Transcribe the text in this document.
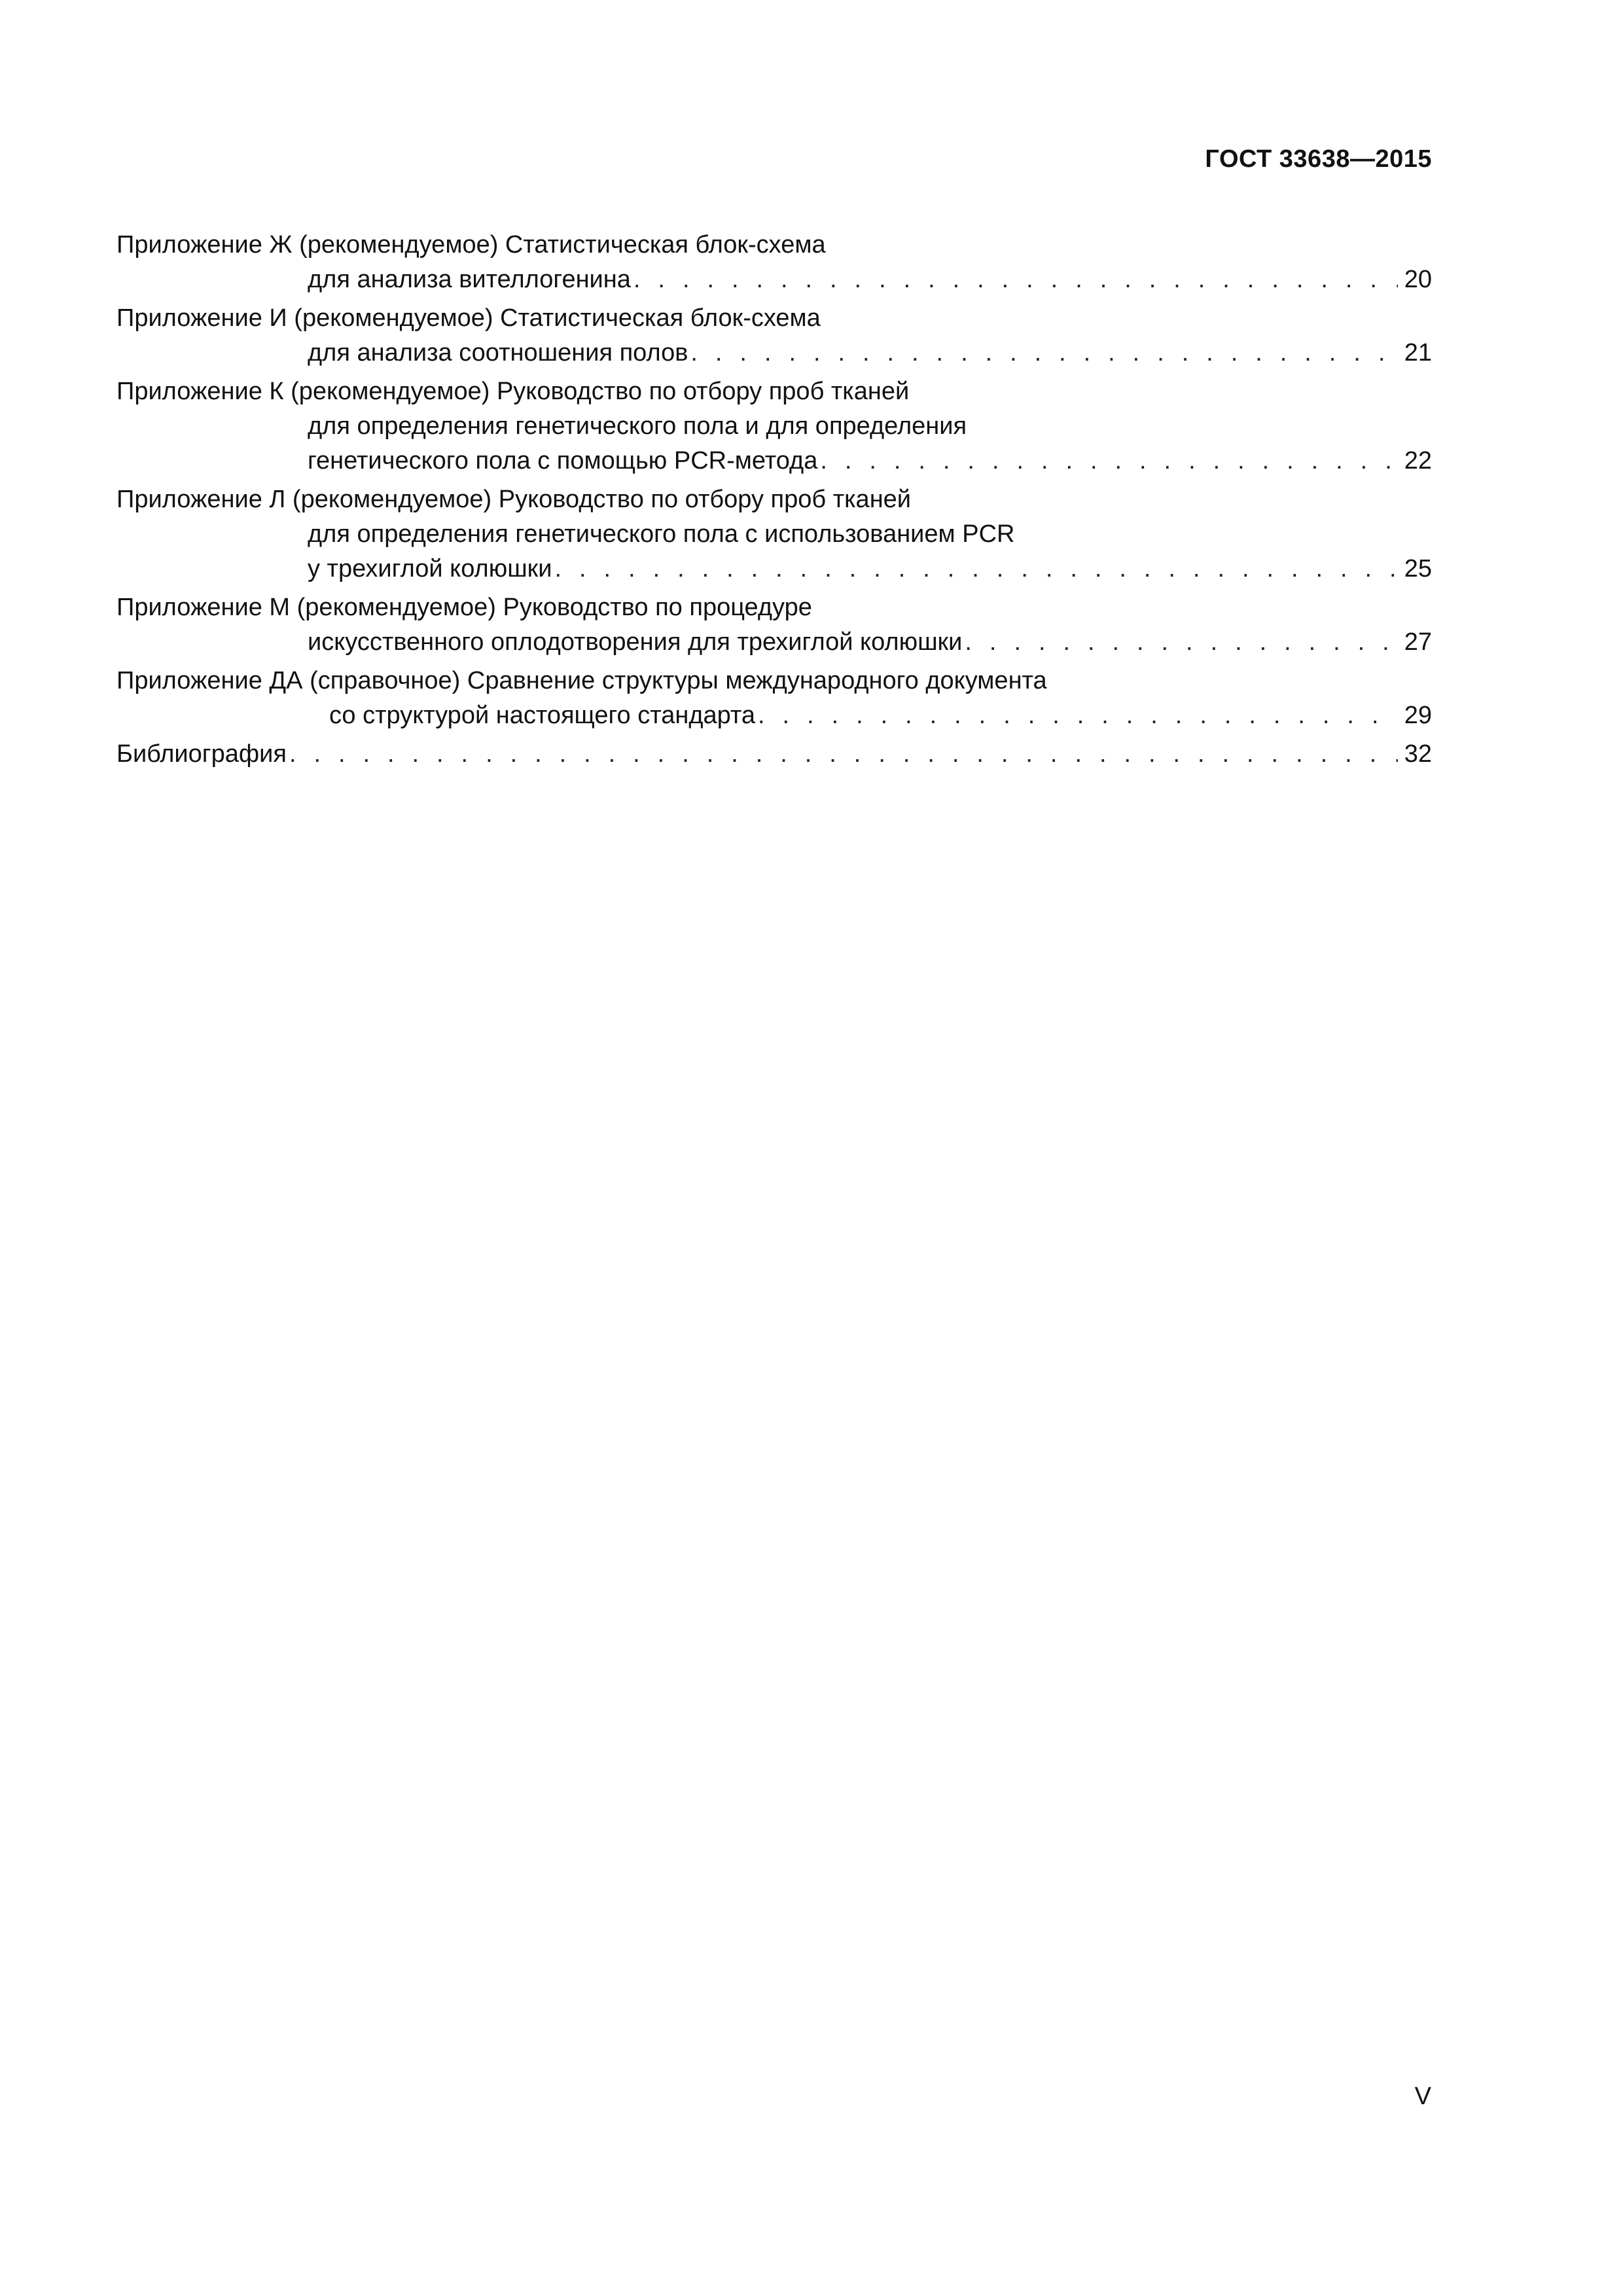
ГОСТ 33638—2015
Приложение Ж (рекомендуемое) Статистическая блок-схема
для анализа вителлогенина . . .	20
Приложение И (рекомендуемое) Статистическая блок-схема
для анализа соотношения полов . . .	21
Приложение К (рекомендуемое) Руководство по отбору проб тканей
для определения генетического пола и для определения
генетического пола с помощью PCR-метода . . .	22
Приложение Л (рекомендуемое) Руководство по отбору проб тканей
для определения генетического пола с использованием PCR
у трехиглой колюшки . . .	25
Приложение М (рекомендуемое) Руководство по процедуре
искусственного оплодотворения для трехиглой колюшки . . .	27
Приложение ДА (справочное) Сравнение структуры международного документа
со структурой настоящего стандарта . . .	29
Библиография . . .	32
V
